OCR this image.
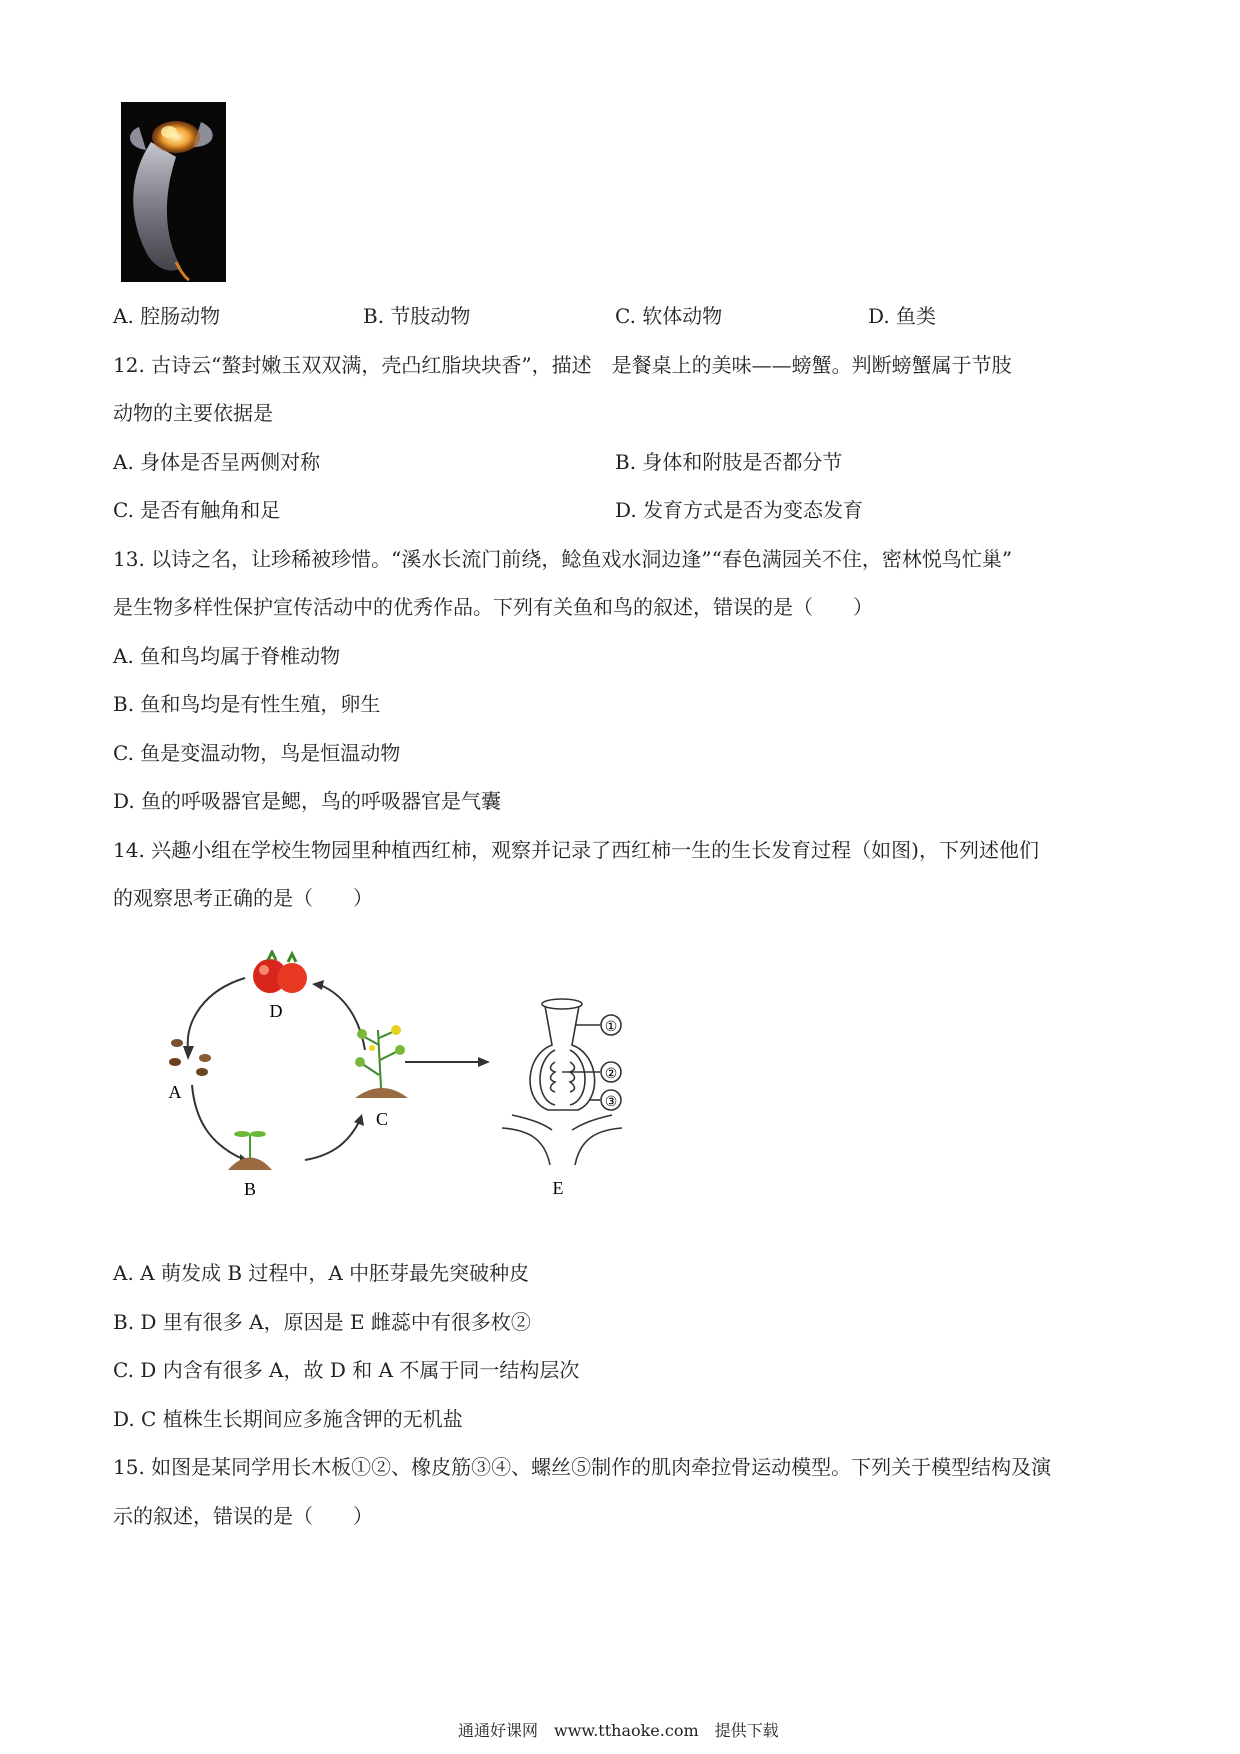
A. 腔肠动物	B. 节肢动物	C. 软体动物	D. 鱼类
12. 古诗云“螯封嫩玉双双满，壳凸红脂块块香”，描述　是餐桌上的美味——螃蟹。判断螃蟹属于节肢
动物的主要依据是
A. 身体是否呈两侧对称	B. 身体和附肢是否都分节
C. 是否有触角和足	D. 发育方式是否为变态发育
13. 以诗之名，让珍稀被珍惜。“溪水长流门前绕，鲶鱼戏水洞边逢”“春色满园关不住，密林悦鸟忙巢”
是生物多样性保护宣传活动中的优秀作品。下列有关鱼和鸟的叙述，错误的是（　　）
A. 鱼和鸟均属于脊椎动物
B. 鱼和鸟均是有性生殖，卵生
C. 鱼是变温动物，鸟是恒温动物
D. 鱼的呼吸器官是鳃，鸟的呼吸器官是气囊
14. 兴趣小组在学校生物园里种植西红柿，观察并记录了西红柿一生的生长发育过程（如图)，下列述他们
的观察思考正确的是（　　）
D
A
B
C
①
②
③
E
A. A 萌发成 B 过程中，A 中胚芽最先突破种皮
B. D 里有很多 A，原因是 E 雌蕊中有很多枚②
C. D 内含有很多 A，故 D 和 A 不属于同一结构层次
D. C 植株生长期间应多施含钾的无机盐
15. 如图是某同学用长木板①②、橡皮筋③④、螺丝⑤制作的肌肉牵拉骨运动模型。下列关于模型结构及演
示的叙述，错误的是（　　）
通通好课网　www.tthaoke.com　提供下载
